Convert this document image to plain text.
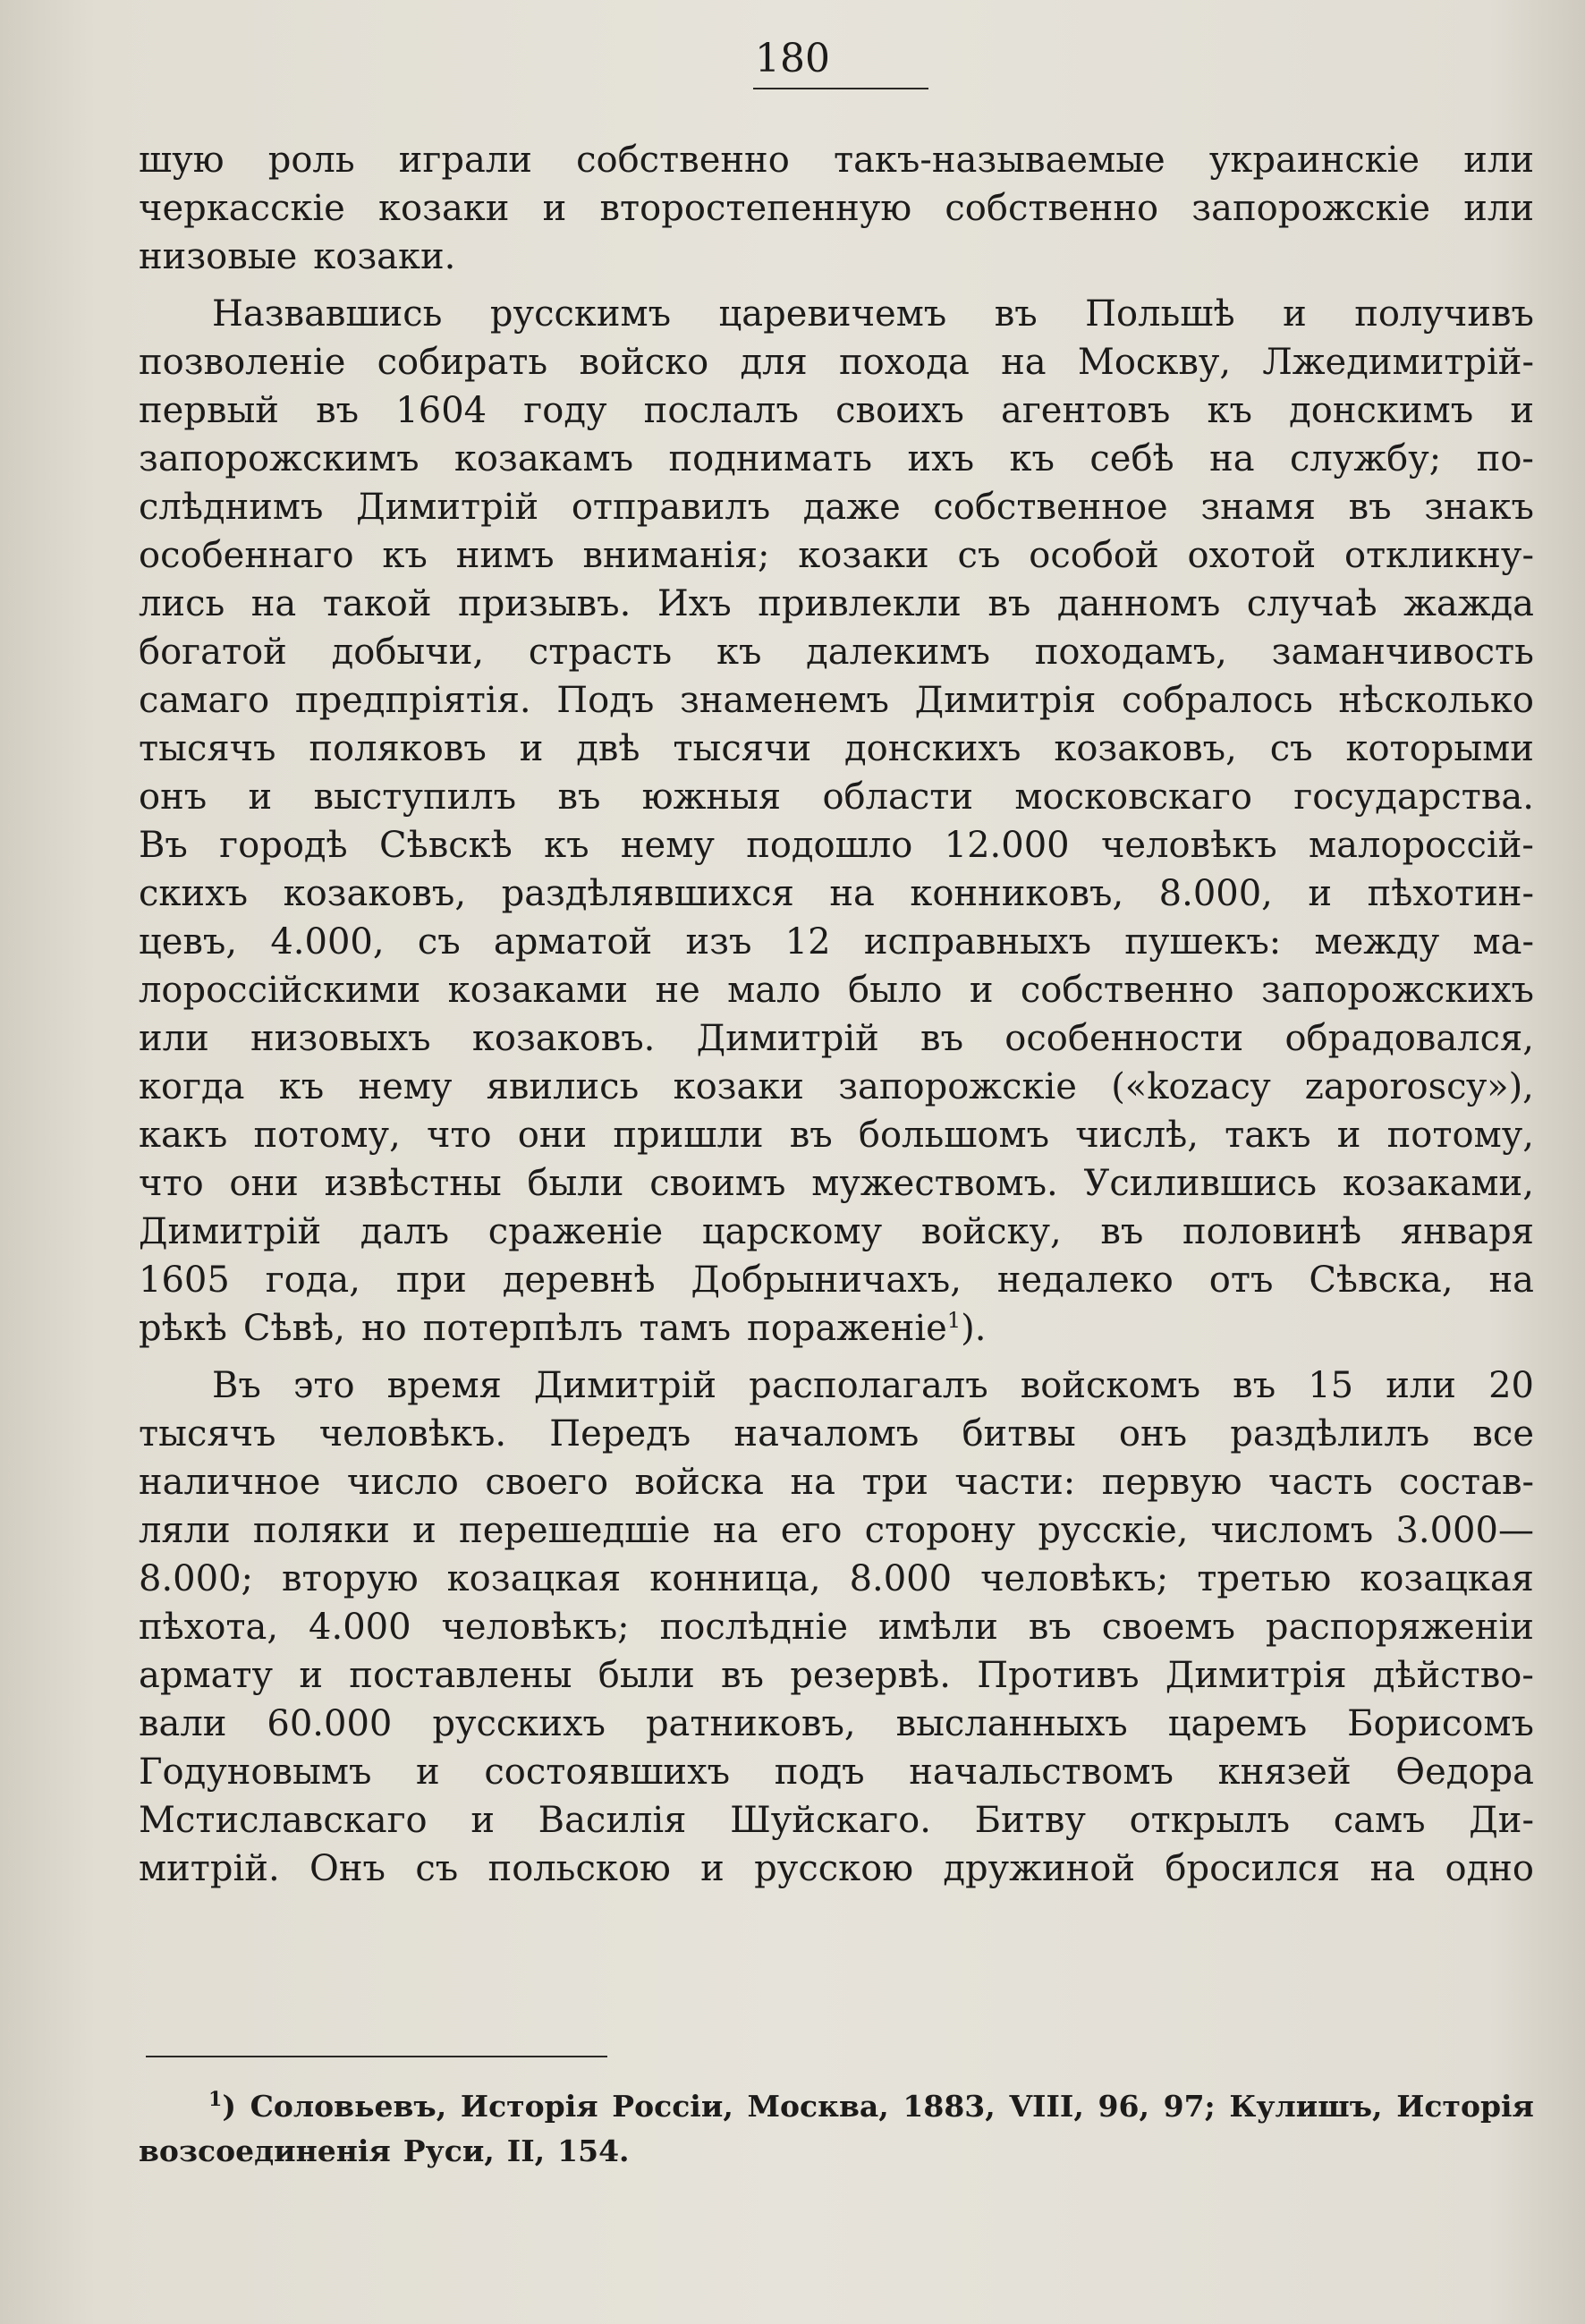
180
шую роль играли собственно такъ-называемые украинскіе или
черкасскіе козаки и второстепенную собственно запорожскіе или
низовые козаки.
Назвавшись русскимъ царевичемъ въ Польшѣ и получивъ
позволеніе собирать войско для похода на Москву, Лжедимитрій-
первый въ 1604 году послалъ своихъ агентовъ къ донскимъ и
запорожскимъ козакамъ поднимать ихъ къ себѣ на службу; по-
слѣднимъ Димитрій отправилъ даже собственное знамя въ знакъ
особеннаго къ нимъ вниманія; козаки съ особой охотой откликну-
лись на такой призывъ. Ихъ привлекли въ данномъ случаѣ жажда
богатой добычи, страсть къ далекимъ походамъ, заманчивость
самаго предпріятія. Подъ знаменемъ Димитрія собралось нѣсколько
тысячъ поляковъ и двѣ тысячи донскихъ козаковъ, съ которыми
онъ и выступилъ въ южныя области московскаго государства.
Въ городѣ Сѣвскѣ къ нему подошло 12.000 человѣкъ малороссій-
скихъ козаковъ, раздѣлявшихся на конниковъ, 8.000, и пѣхотин-
цевъ, 4.000, съ арматой изъ 12 исправныхъ пушекъ: между ма-
лороссійскими козаками не мало было и собственно запорожскихъ
или низовыхъ козаковъ. Димитрій въ особенности обрадовался,
когда къ нему явились козаки запорожскіе («kozacy zaporoscy»),
какъ потому, что они пришли въ большомъ числѣ, такъ и потому,
что они извѣстны были своимъ мужествомъ. Усилившись козаками,
Димитрій далъ сраженіе царскому войску, въ половинѣ января
1605 года, при деревнѣ Добрыничахъ, недалеко отъ Сѣвска, на
рѣкѣ Сѣвѣ, но потерпѣлъ тамъ пораженіе$^1$).
Въ это время Димитрій располагалъ войскомъ въ 15 или 20
тысячъ человѣкъ. Передъ началомъ битвы онъ раздѣлилъ все
наличное число своего войска на три части: первую часть состав-
ляли поляки и перешедшіе на его сторону русскіе, числомъ 3.000—
8.000; вторую козацкая конница, 8.000 человѣкъ; третью козацкая
пѣхота, 4.000 человѣкъ; послѣдніе имѣли въ своемъ распоряженіи
армату и поставлены были въ резервѣ. Противъ Димитрія дѣйство-
вали 60.000 русскихъ ратниковъ, высланныхъ царемъ Борисомъ
Годуновымъ и состоявшихъ подъ начальствомъ князей Ѳедора
Мстиславскаго и Василія Шуйскаго. Битву открылъ самъ Ди-
митрій. Онъ съ польскою и русскою дружиной бросился на одно
$^1$) Соловьевъ, Исторія Россіи, Москва, 1883, VIII, 96, 97; Кулишъ, Исторія
возсоединенія Руси, II, 154.
